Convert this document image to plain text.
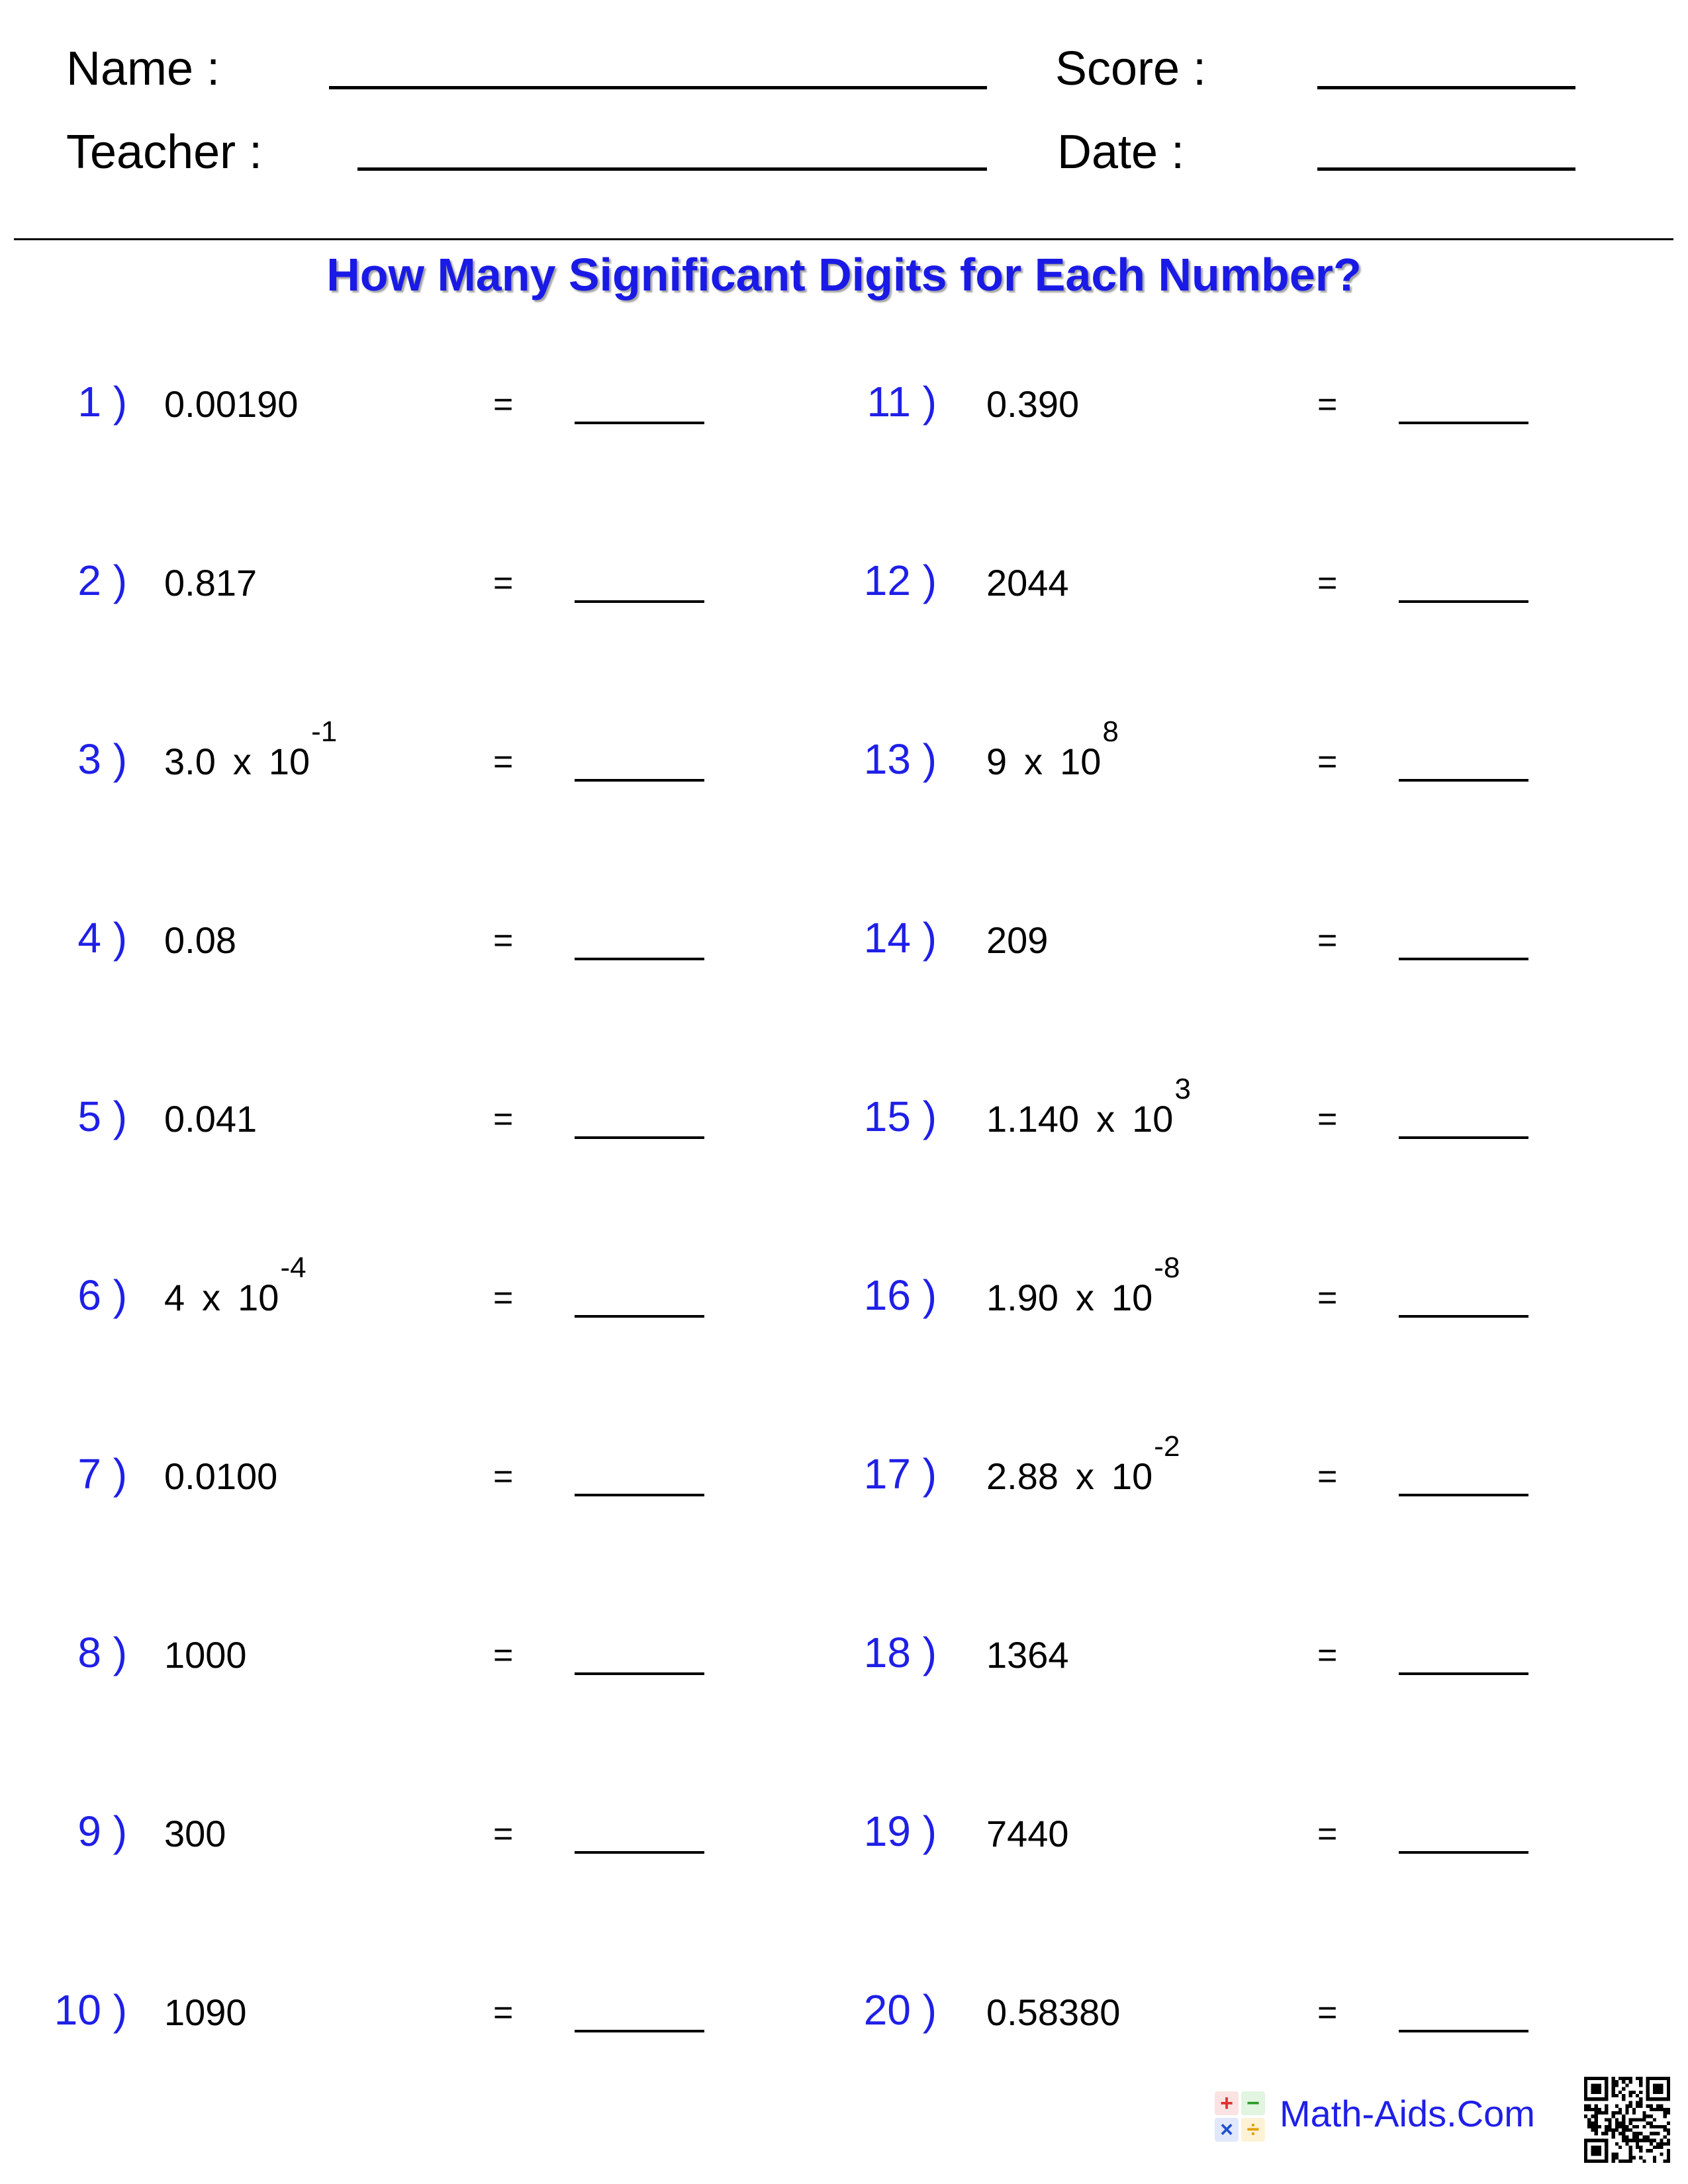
Name :	Score :
Teacher :	Date :
How Many Significant Digits for Each Number?
1 ) 0.00190	=
2 ) 0.817	=
3 ) 3.0 x $10^{-1}$
=
4 ) 0.08	=
5 ) 0.041	=
6 ) 4 x $10^{-4}$
=
7 ) 0.0100	=
8 ) 1000	=
9 ) 300	=
10 ) 1090	=
11 ) 0.390	=
12 ) 2044	=
13 ) 9 x $10^8$
=
14 ) 209	=
15 ) 1.140 x $10^3$
=
16 ) 1.90 x $10^{-8}$
=
17 ) 2.88 x $10^{-2}$
=
18 ) 1364	=
19 ) 7440	=
20 ) 0.58380	=
+ −
× ÷ Math-Aids.Com
